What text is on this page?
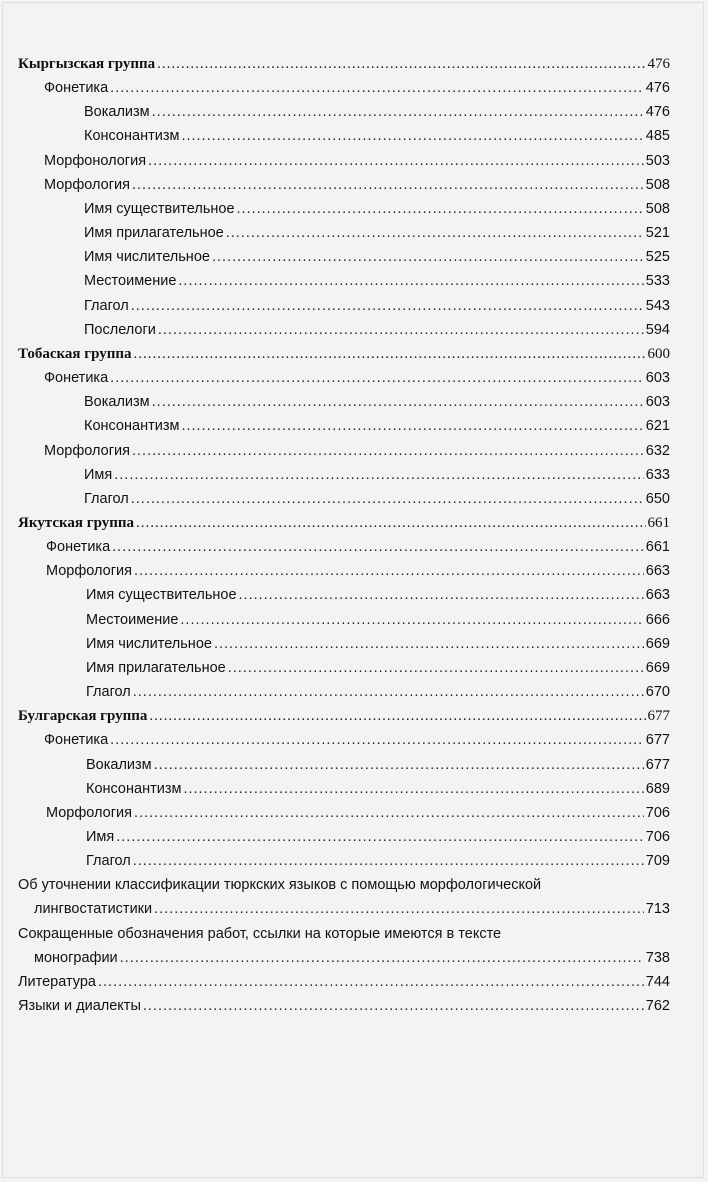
Кыргызская группа .....	476
Фонетика .....	476
Вокализм .....	476
Консонантизм .....	485
Морфонология .....	503
Морфология .....	508
Имя существительное .....	508
Имя прилагательное .....	521
Имя числительное .....	525
Местоимение .....	533
Глагол .....	543
Послелоги .....	594
Тобаская группа .....	600
Фонетика .....	603
Вокализм .....	603
Консонантизм .....	621
Морфология .....	632
Имя .....	633
Глагол .....	650
Якутская группа .....	661
Фонетика .....	661
Морфология .....	663
Имя существительное .....	663
Местоимение .....	666
Имя числительное .....	669
Имя прилагательное .....	669
Глагол .....	670
Булгарская группа .....	677
Фонетика .....	677
Вокализм .....	677
Консонантизм .....	689
Морфология .....	706
Имя .....	706
Глагол .....	709
Об уточнении классификации тюркских языков с помощью морфологической
лингвостатистики .....	713
Сокращенные обозначения работ, ссылки на которые имеются в тексте
монографии .....	738
Литература .....	744
Языки и диалекты .....	762
